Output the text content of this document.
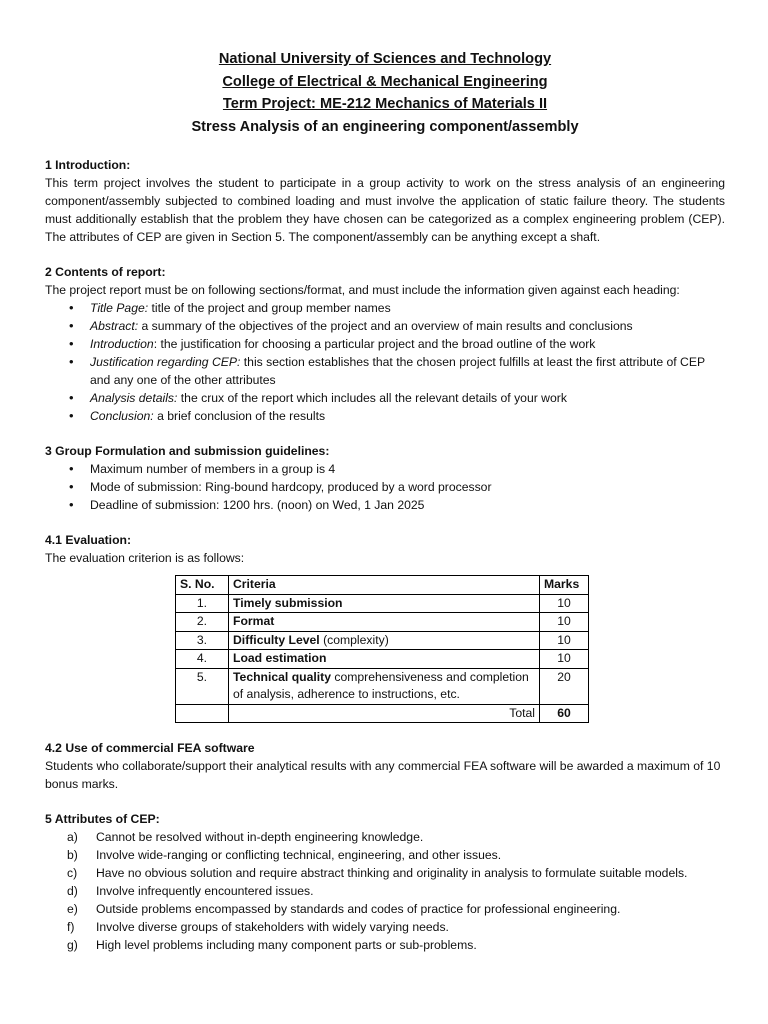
National University of Sciences and Technology
College of Electrical & Mechanical Engineering
Term Project: ME-212 Mechanics of Materials II
Stress Analysis of an engineering component/assembly

1 Introduction:

This term project involves the student to participate in a group activity to work on the stress analysis of an engineering component/assembly subjected to combined loading and must involve the application of static failure theory. The students must additionally establish that the problem they have chosen can be categorized as a complex engineering problem (CEP). The attributes of CEP are given in Section 5. The component/assembly can be anything except a shaft.

2 Contents of report:

The project report must be on following sections/format, and must include the information given against each heading:

• Title Page: title of the project and group member names
• Abstract: a summary of the objectives of the project and an overview of main results and conclusions
• Introduction: the justification for choosing a particular project and the broad outline of the work
• Justification regarding CEP: this section establishes that the chosen project fulfills at least the first attribute of CEP and any one of the other attributes
• Analysis details: the crux of the report which includes all the relevant details of your work
• Conclusion: a brief conclusion of the results

3 Group Formulation and submission guidelines:

• Maximum number of members in a group is 4
• Mode of submission: Ring-bound hardcopy, produced by a word processor
• Deadline of submission: 1200 hrs. (noon) on Wed, 1 Jan 2025

4.1 Evaluation:

The evaluation criterion is as follows:

S. No.	Criteria	Marks
1.	Timely submission	10
2.	Format	10
3.	Difficulty Level (complexity)	10
4.	Load estimation	10
5.	Technical quality comprehensiveness and completion of analysis, adherence to instructions, etc.	20
	Total	60

4.2 Use of commercial FEA software

Students who collaborate/support their analytical results with any commercial FEA software will be awarded a maximum of 10 bonus marks.

5 Attributes of CEP:

a) Cannot be resolved without in-depth engineering knowledge.
b) Involve wide-ranging or conflicting technical, engineering, and other issues.
c) Have no obvious solution and require abstract thinking and originality in analysis to formulate suitable models.
d) Involve infrequently encountered issues.
e) Outside problems encompassed by standards and codes of practice for professional engineering.
f) Involve diverse groups of stakeholders with widely varying needs.
g) High level problems including many component parts or sub-problems.
